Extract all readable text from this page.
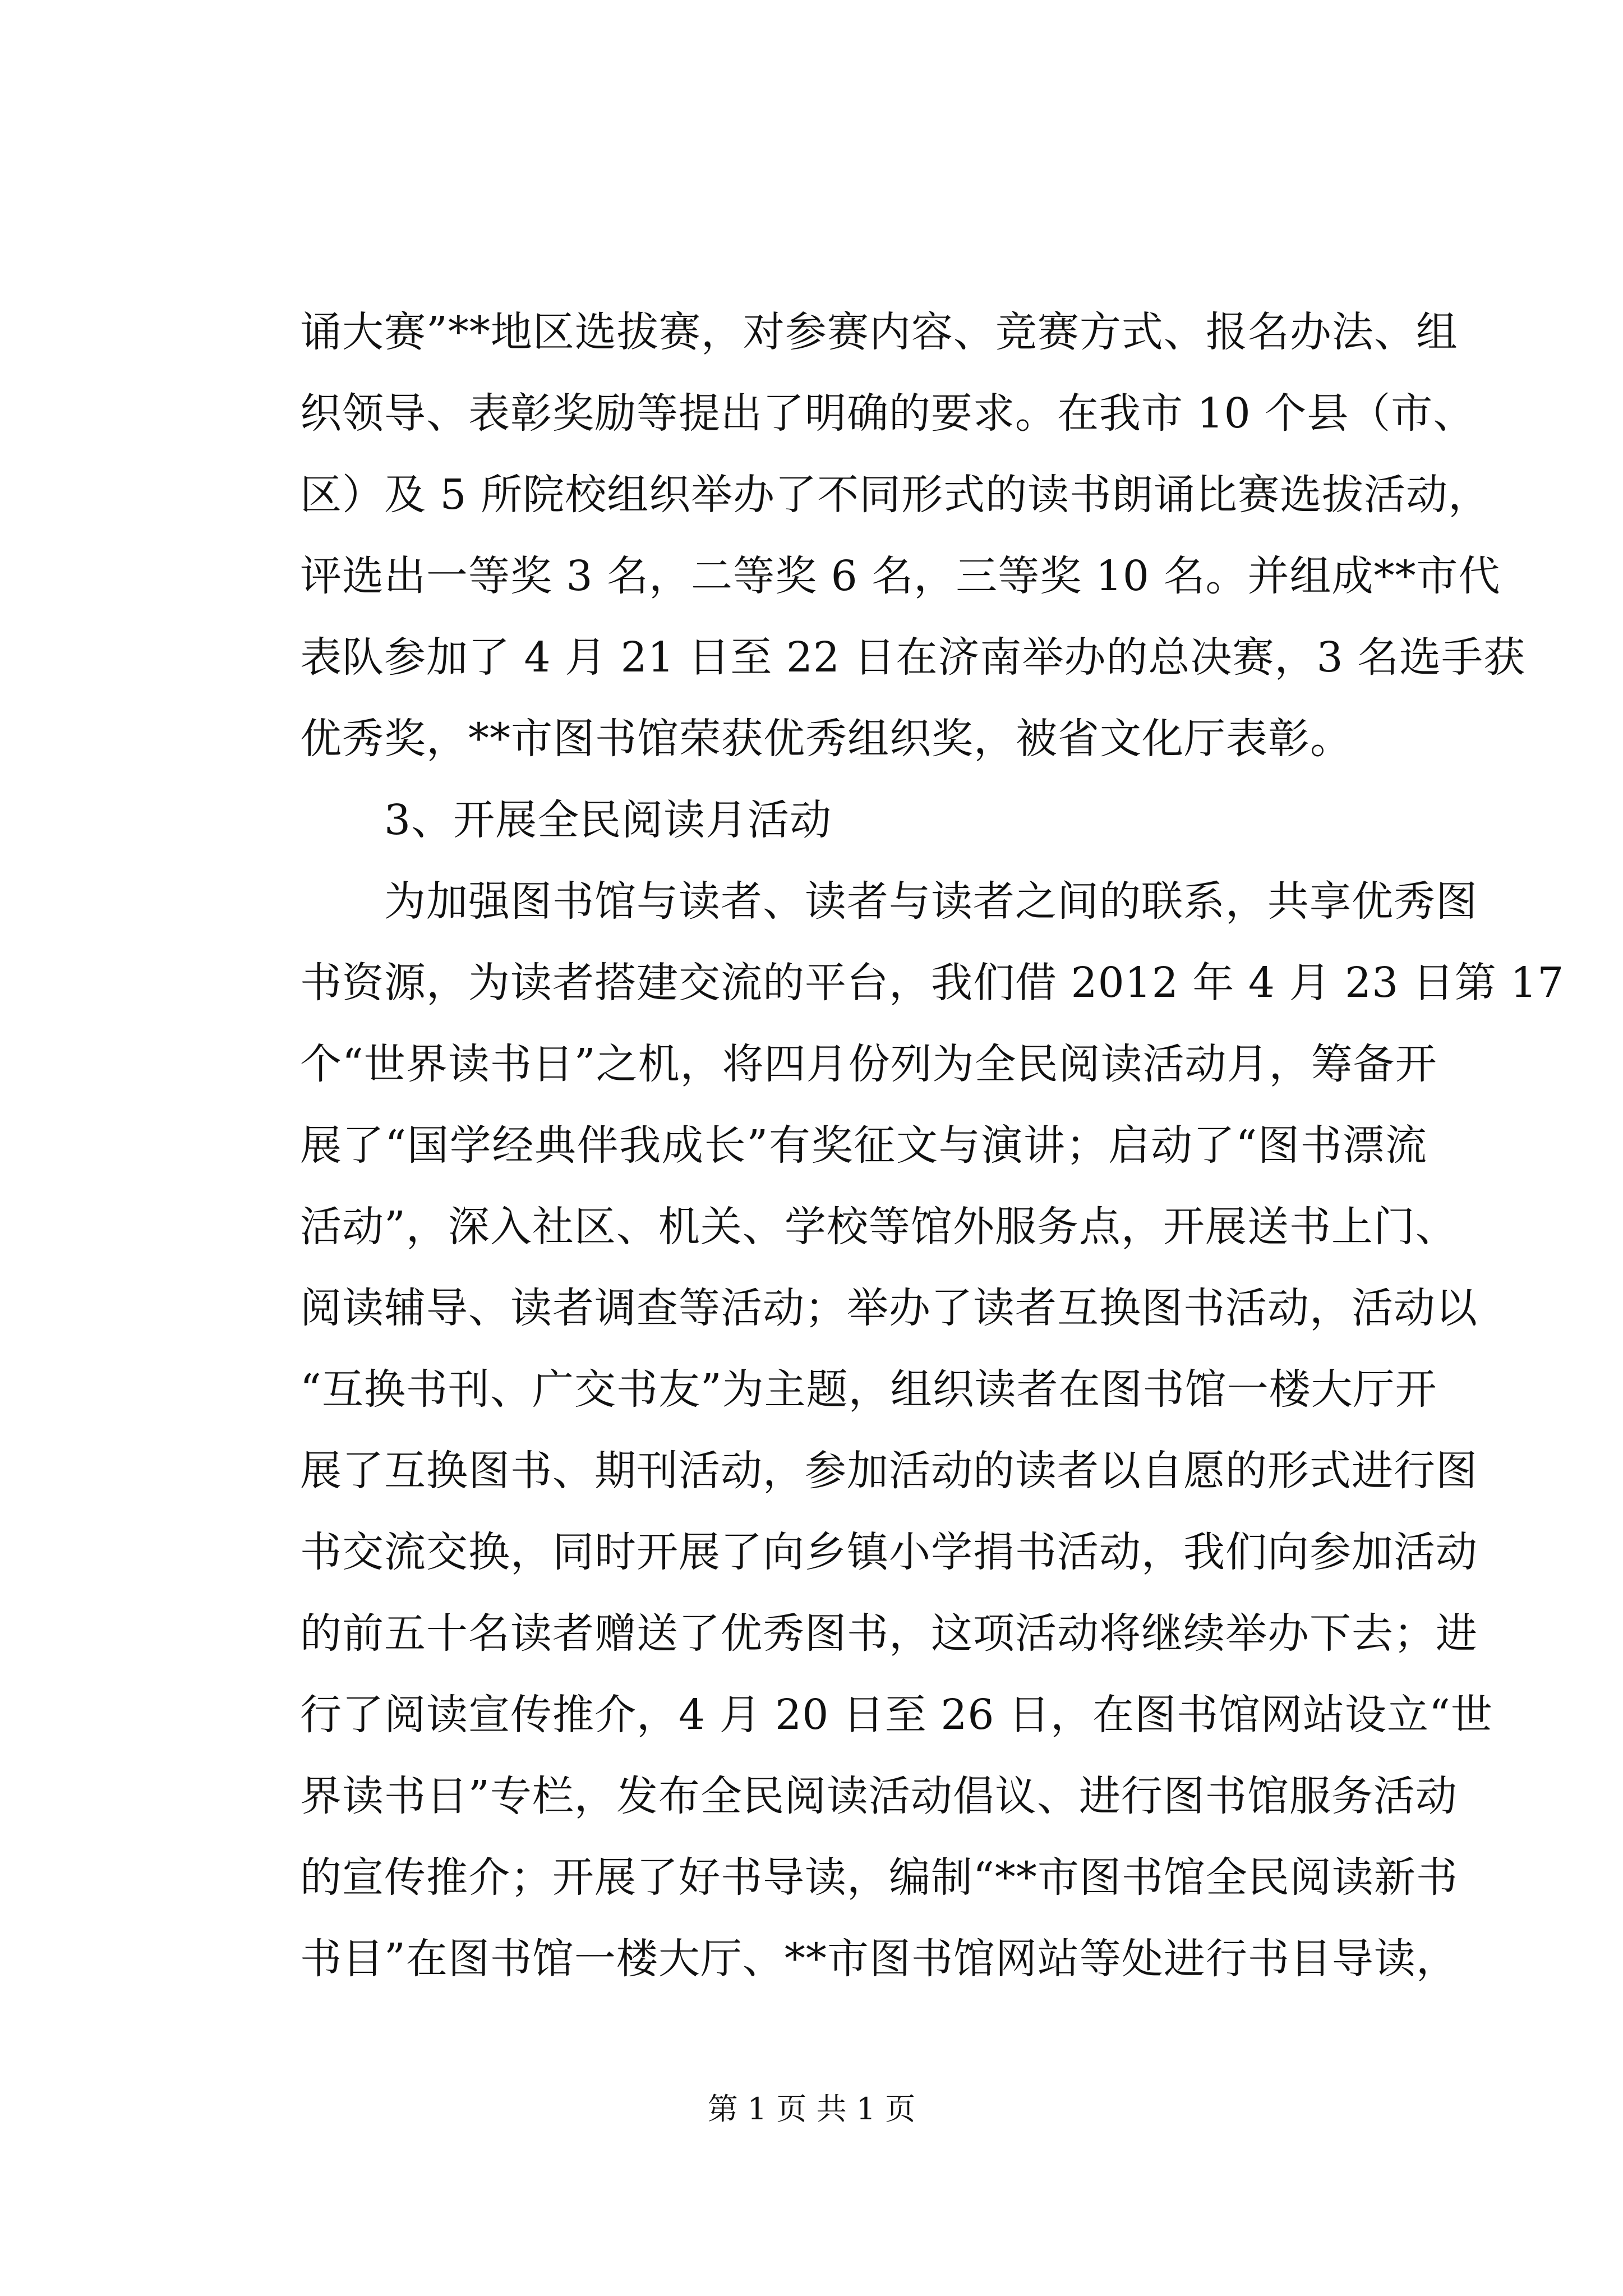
诵大赛”**地区选拔赛，对参赛内容、竞赛方式、报名办法、组
织领导、表彰奖励等提出了明确的要求。在我市 10 个县（市、
区）及 5 所院校组织举办了不同形式的读书朗诵比赛选拔活动，
评选出一等奖 3 名，二等奖 6 名，三等奖 10 名。并组成**市代
表队参加了 4 月 21 日至 22 日在济南举办的总决赛，3 名选手获
优秀奖，**市图书馆荣获优秀组织奖，被省文化厅表彰。
3、开展全民阅读月活动
为加强图书馆与读者、读者与读者之间的联系，共享优秀图
书资源，为读者搭建交流的平台，我们借 2012 年 4 月 23 日第 17
个“世界读书日”之机，将四月份列为全民阅读活动月，筹备开
展了“国学经典伴我成长”有奖征文与演讲；启动了“图书漂流
活动”，深入社区、机关、学校等馆外服务点，开展送书上门、
阅读辅导、读者调查等活动；举办了读者互换图书活动，活动以
“互换书刊、广交书友”为主题，组织读者在图书馆一楼大厅开
展了互换图书、期刊活动，参加活动的读者以自愿的形式进行图
书交流交换，同时开展了向乡镇小学捐书活动，我们向参加活动
的前五十名读者赠送了优秀图书，这项活动将继续举办下去；进
行了阅读宣传推介，4 月 20 日至 26 日，在图书馆网站设立“世
界读书日”专栏，发布全民阅读活动倡议、进行图书馆服务活动
的宣传推介；开展了好书导读，编制“**市图书馆全民阅读新书
书目”在图书馆一楼大厅、**市图书馆网站等处进行书目导读，
第 1 页 共 1 页
